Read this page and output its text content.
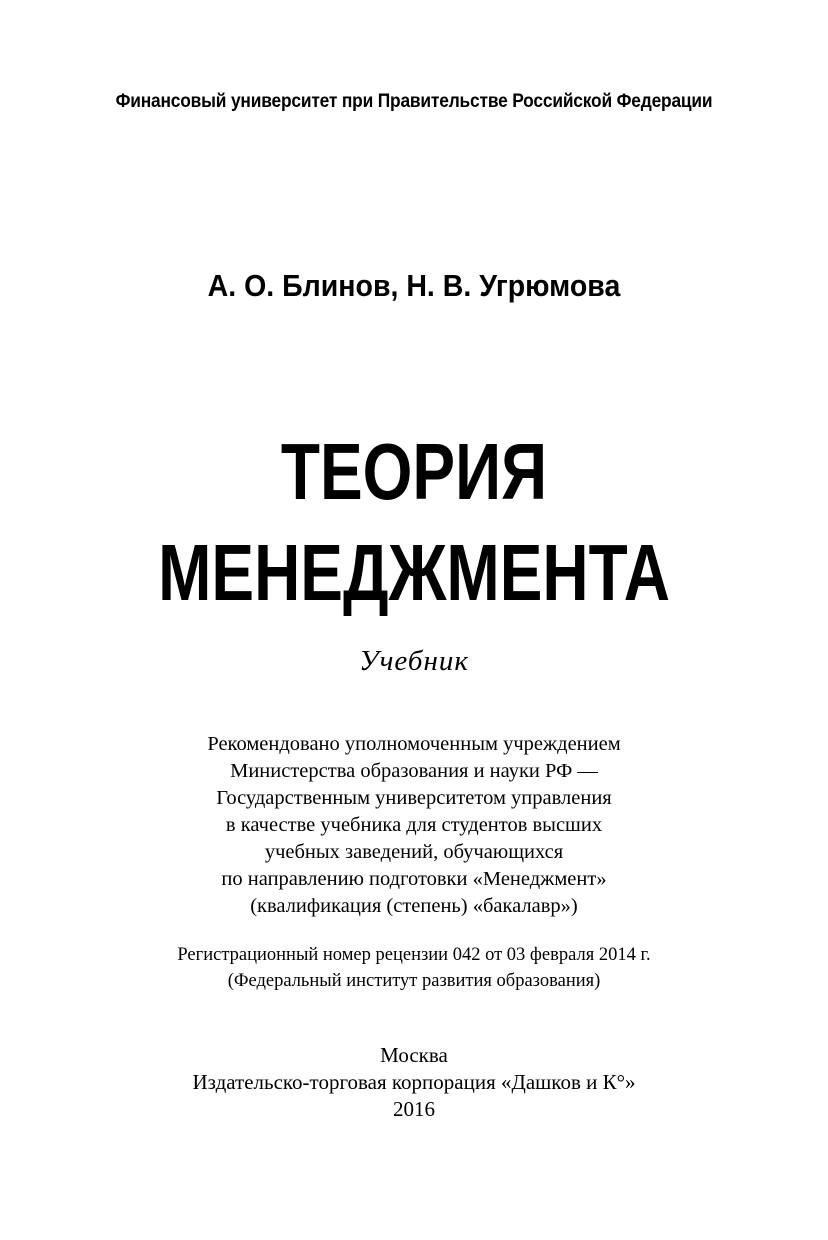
Финансовый университет при Правительстве Российской Федерации

А. О. Блинов, Н. В. Угрюмова

ТЕОРИЯ
МЕНЕДЖМЕНТА

Учебник

Рекомендовано уполномоченным учреждением
Министерства образования и науки РФ —
Государственным университетом управления
в качестве учебника для студентов высших
учебных заведений, обучающихся
по направлению подготовки «Менеджмент»
(квалификация (степень) «бакалавр»)
Регистрационный номер рецензии 042 от 03 февраля 2014 г.
(Федеральный институт развития образования)
Москва
Издательско-торговая корпорация «Дашков и К°»
2016
